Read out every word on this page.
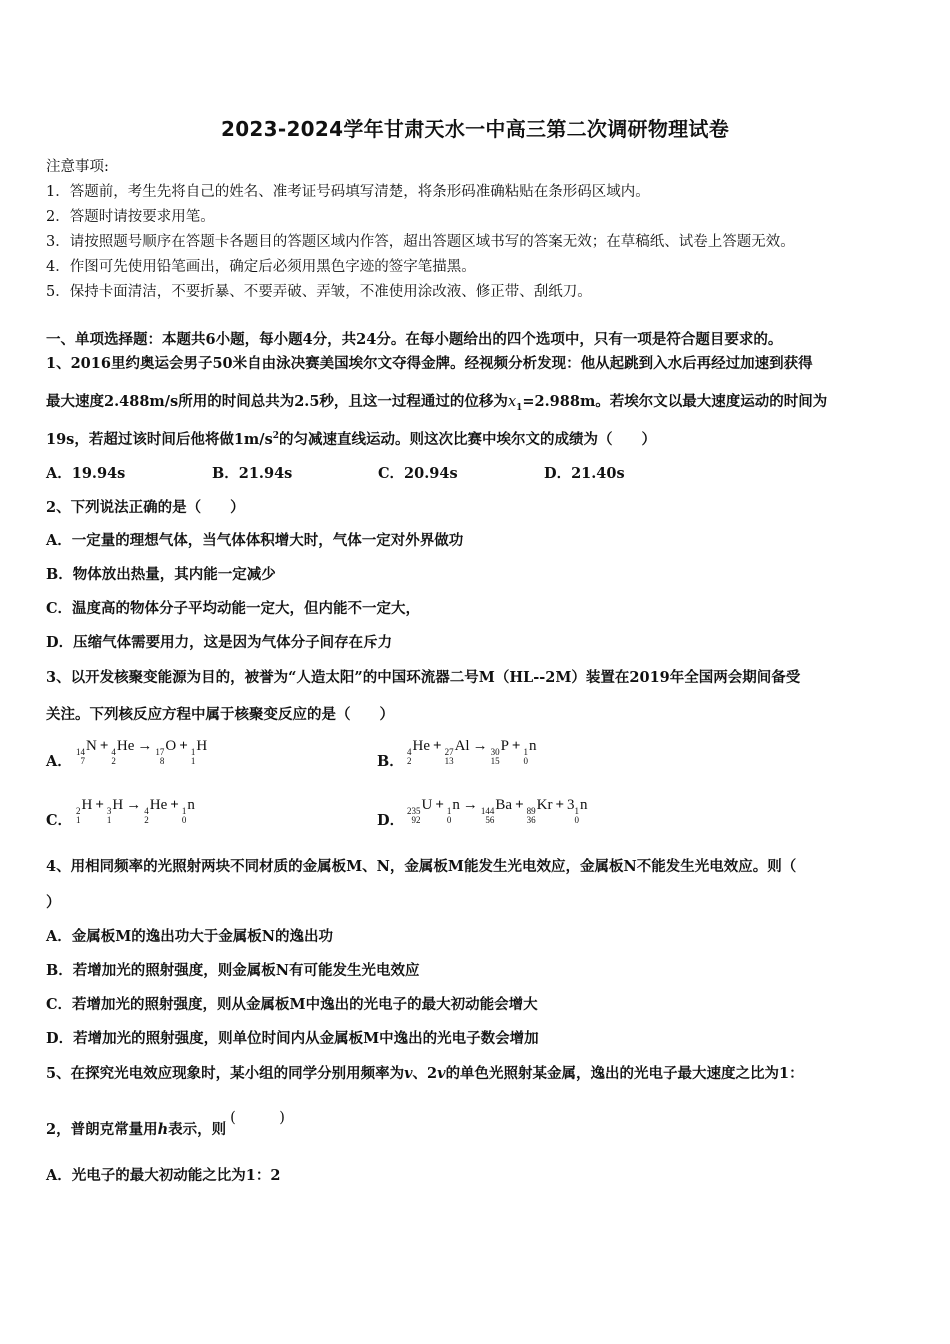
2023-2024学年甘肃天水一中高三第二次调研物理试卷
注意事项:
1．答题前，考生先将自己的姓名、准考证号码填写清楚，将条形码准确粘贴在条形码区域内。
2．答题时请按要求用笔。
3．请按照题号顺序在答题卡各题目的答题区域内作答，超出答题区域书写的答案无效；在草稿纸、试卷上答题无效。
4．作图可先使用铅笔画出，确定后必须用黑色字迹的签字笔描黑。
5．保持卡面清洁，不要折暴、不要弄破、弄皱，不准使用涂改液、修正带、刮纸刀。
一、单项选择题：本题共6小题，每小题4分，共24分。在每小题给出的四个选项中，只有一项是符合题目要求的。
1、2016里约奥运会男子50米自由泳决赛美国埃尔文夺得金牌。经视频分析发现：他从起跳到入水后再经过加速到获得
最大速度2.488m/s所用的时间总共为2.5秒，且这一过程通过的位移为$x_1=2.988m$。若埃尔文以最大速度运动的时间为
19s，若超过该时间后他将做$1m/s^2$的匀减速直线运动。则这次比赛中埃尔文的成绩为（　　）
A．19.94s	B．21.94s	C．20.94s	D．21.40s
2、下列说法正确的是（　　）
A．一定量的理想气体，当气体体积增大时，气体一定对外界做功
B．物体放出热量，其内能一定减少
C．温度高的物体分子平均动能一定大，但内能不一定大，
D．压缩气体需要用力，这是因为气体分子间存在斥力
3、以开发核聚变能源为目的，被誉为“人造太阳”的中国环流器二号M（HL--2M）装置在2019年全国两会期间备受
关注。下列核反应方程中属于核聚变反应的是（　　）
A．
14
7
N + 4
2
He → 17
8
O + 1
1
H
B．
4
2
He + 27
13
Al → 30
15
P + 1
0
n
C．
2
1
H + 3
1
H → 4
2
He + 1
0
n
D．
235
92
U + 1
0
n → 144
56
Ba + 89
36
Kr + 3 1
0
n
4、用相同频率的光照射两块不同材质的金属板M、N，金属板M能发生光电效应，金属板N不能发生光电效应。则（
）
A．金属板M的逸出功大于金属板N的逸出功
B．若增加光的照射强度，则金属板N有可能发生光电效应
C．若增加光的照射强度，则从金属板M中逸出的光电子的最大初动能会增大
D．若增加光的照射强度，则单位时间内从金属板M中逸出的光电子数会增加
5、在探究光电效应现象时，某小组的同学分别用频率为v、2v的单色光照射某金属，逸出的光电子最大速度之比为1：
2，普朗克常量用h表示，则(　　　)
A．光电子的最大初动能之比为1：2
